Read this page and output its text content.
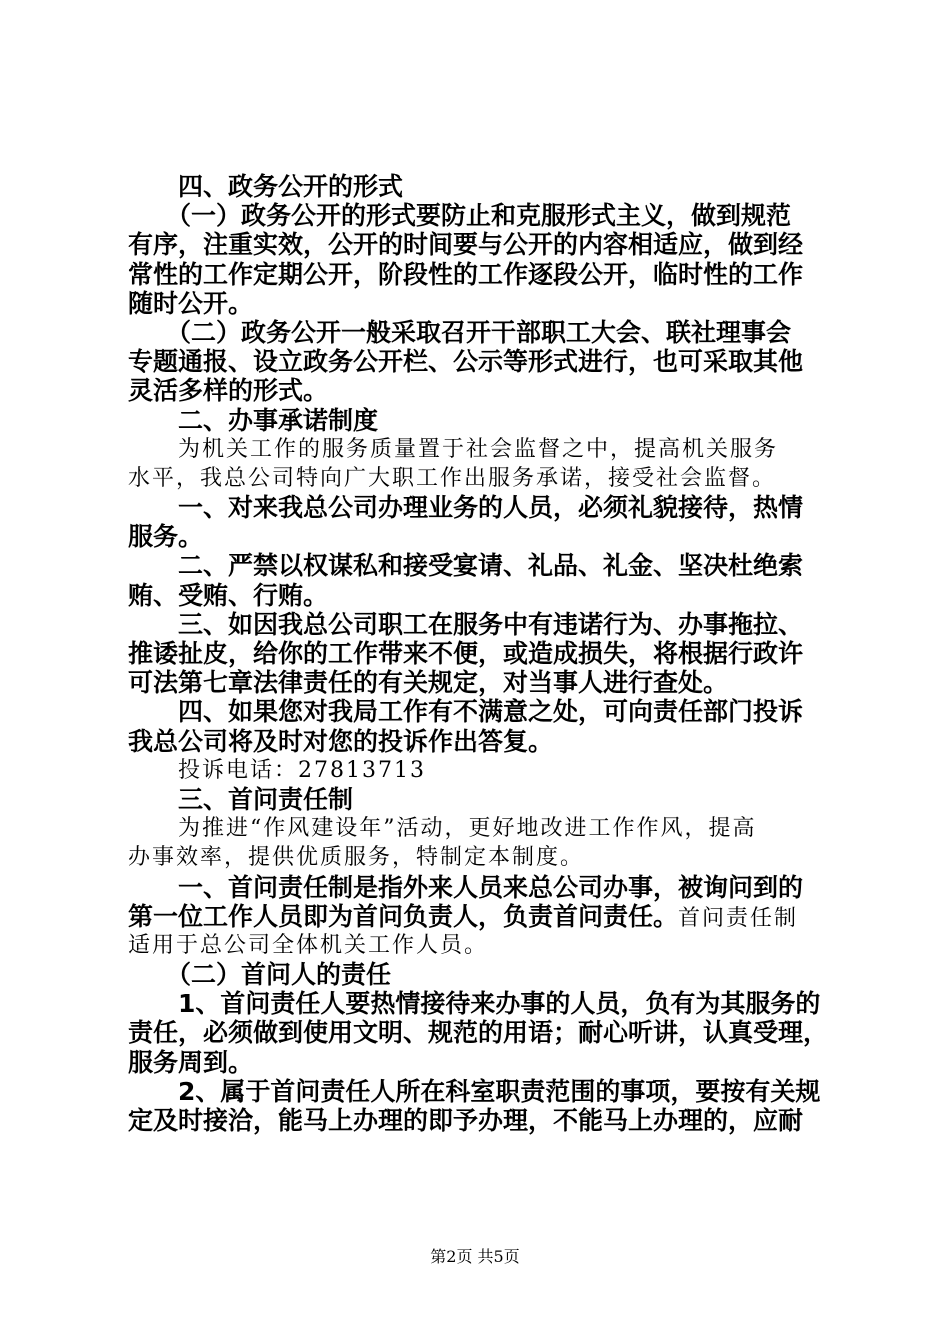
四、政务公开的形式
（一）政务公开的形式要防止和克服形式主义，做到规范
有序，注重实效，公开的时间要与公开的内容相适应，做到经
常性的工作定期公开，阶段性的工作逐段公开，临时性的工作
随时公开。
（二）政务公开一般采取召开干部职工大会、联社理事会
专题通报、设立政务公开栏、公示等形式进行，也可采取其他
灵活多样的形式。
二、办事承诺制度
为机关工作的服务质量置于社会监督之中，提高机关服务
水平，我总公司特向广大职工作出服务承诺，接受社会监督。
一、对来我总公司办理业务的人员，必须礼貌接待，热情
服务。
二、严禁以权谋私和接受宴请、礼品、礼金、坚决杜绝索
贿、受贿、行贿。
三、如因我总公司职工在服务中有违诺行为、办事拖拉、
推诿扯皮，给你的工作带来不便，或造成损失，将根据行政许
可法第七章法律责任的有关规定，对当事人进行查处。
四、如果您对我局工作有不满意之处，可向责任部门投诉
我总公司将及时对您的投诉作出答复。
投诉电话：27813713
三、首问责任制
为推进“作风建设年”活动，更好地改进工作作风，提高
办事效率，提供优质服务，特制定本制度。
一、首问责任制是指外来人员来总公司办事，被询问到的
第一位工作人员即为首问负责人，负责首问责任。首问责任制
适用于总公司全体机关工作人员。
（二）首问人的责任
1、首问责任人要热情接待来办事的人员，负有为其服务的
责任，必须做到使用文明、规范的用语；耐心听讲，认真受理，
服务周到。
2、属于首问责任人所在科室职责范围的事项，要按有关规
定及时接洽，能马上办理的即予办理，不能马上办理的，应耐
第2页 共5页
